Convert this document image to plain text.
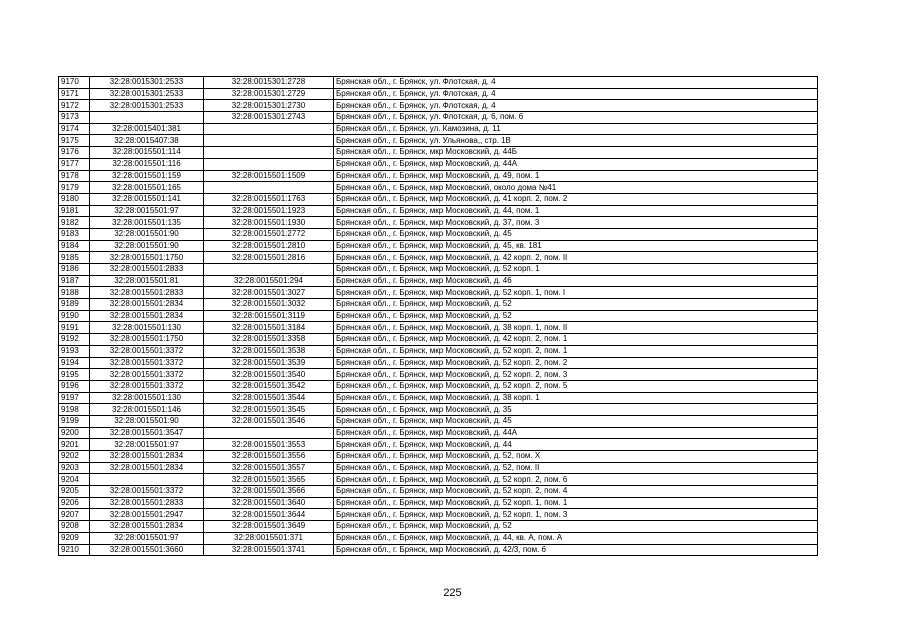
9170	32:28:0015301:2533	32:28:0015301:2728	Брянская обл., г. Брянск, ул. Флотская, д. 4
9171	32:28:0015301:2533	32:28:0015301:2729	Брянская обл., г. Брянск, ул. Флотская, д. 4
9172	32:28:0015301:2533	32:28:0015301:2730	Брянская обл., г. Брянск, ул. Флотская, д. 4
9173		32:28:0015301:2743	Брянская обл., г. Брянск, ул. Флотская, д. 6, пом. 6
9174	32:28:0015401:381		Брянская обл., г. Брянск, ул. Камозина, д. 11
9175	32:28:0015407:38		Брянская обл., г. Брянск, ул. Ульянова,, стр. 1В
9176	32:28:0015501:114		Брянская обл., г. Брянск, мкр Московский, д. 44Б
9177	32:28:0015501:116		Брянская обл., г. Брянск, мкр Московский, д. 44А
9178	32:28:0015501:159	32:28:0015501:1509	Брянская обл., г. Брянск, мкр Московский, д. 49, пом. 1
9179	32:28:0015501:165		Брянская обл., г. Брянск, мкр Московский, около дома №41
9180	32:28:0015501:141	32:28:0015501:1763	Брянская обл., г. Брянск, мкр Московский, д. 41 корп. 2, пом. 2
9181	32:28:0015501:97	32:28:0015501:1923	Брянская обл., г. Брянск, мкр Московский, д. 44, пом. 1
9182	32:28:0015501:135	32:28:0015501:1930	Брянская обл., г. Брянск, мкр Московский, д. 37, пом. 3
9183	32:28:0015501:90	32:28:0015501:2772	Брянская обл., г. Брянск, мкр Московский, д. 45
9184	32:28:0015501:90	32:28:0015501:2810	Брянская обл., г. Брянск, мкр Московский, д. 45, кв. 181
9185	32:28:0015501:1750	32:28:0015501:2816	Брянская обл., г. Брянск, мкр Московский, д. 42 корп. 2, пом. II
9186	32:28:0015501:2833		Брянская обл., г. Брянск, мкр Московский, д. 52 корп. 1
9187	32:28:0015501:81	32:28:0015501:294	Брянская обл., г. Брянск, мкр Московский, д. 46
9188	32:28:0015501:2833	32:28:0015501:3027	Брянская обл., г. Брянск, мкр Московский, д. 52 корп. 1, пом. I
9189	32:28:0015501:2834	32:28:0015501:3032	Брянская обл., г. Брянск, мкр Московский, д. 52
9190	32:28:0015501:2834	32:28:0015501:3119	Брянская обл., г. Брянск, мкр Московский, д. 52
9191	32:28:0015501:130	32:28:0015501:3184	Брянская обл., г. Брянск, мкр Московский, д. 38 корп. 1, пом. II
9192	32:28:0015501:1750	32:28:0015501:3358	Брянская обл., г. Брянск, мкр Московский, д. 42 корп. 2, пом. 1
9193	32:28:0015501:3372	32:28:0015501:3538	Брянская обл., г. Брянск, мкр Московский, д. 52 корп. 2, пом. 1
9194	32:28:0015501:3372	32:28:0015501:3539	Брянская обл., г. Брянск, мкр Московский, д. 52 корп. 2, пом. 2
9195	32:28:0015501:3372	32:28:0015501:3540	Брянская обл., г. Брянск, мкр Московский, д. 52 корп. 2, пом. 3
9196	32:28:0015501:3372	32:28:0015501:3542	Брянская обл., г. Брянск, мкр Московский, д. 52 корп. 2, пом. 5
9197	32:28:0015501:130	32:28:0015501:3544	Брянская обл., г. Брянск, мкр Московский, д. 38 корп. 1
9198	32:28:0015501:146	32:28:0015501:3545	Брянская обл., г. Брянск, мкр Московский, д. 35
9199	32:28:0015501:90	32:28:0015501:3546	Брянская обл., г. Брянск, мкр Московский, д. 45
9200	32:28:0015501:3547		Брянская обл., г. Брянск, мкр Московский, д. 44А
9201	32:28:0015501:97	32:28:0015501:3553	Брянская обл., г. Брянск, мкр Московский, д. 44
9202	32:28:0015501:2834	32:28:0015501:3556	Брянская обл., г. Брянск, мкр Московский, д. 52, пом. X
9203	32:28:0015501:2834	32:28:0015501:3557	Брянская обл., г. Брянск, мкр Московский, д. 52, пом. II
9204		32:28:0015501:3565	Брянская обл., г. Брянск, мкр Московский, д. 52 корп. 2, пом. 6
9205	32:28:0015501:3372	32:28:0015501:3566	Брянская обл., г. Брянск, мкр Московский, д. 52 корп. 2, пом. 4
9206	32:28:0015501:2833	32:28:0015501:3640	Брянская обл., г. Брянск, мкр Московский, д. 52 корп. 1, пом. 1
9207	32:28:0015501:2947	32:28:0015501:3644	Брянская обл., г. Брянск, мкр Московский, д. 52 корп. 1, пом. 3
9208	32:28:0015501:2834	32:28:0015501:3649	Брянская обл., г. Брянск, мкр Московский, д. 52
9209	32:28:0015501:97	32:28:0015501:371	Брянская обл., г. Брянск, мкр Московский, д. 44, кв. А, пом. А
9210	32:28:0015501:3660	32:28:0015501:3741	Брянская обл., г. Брянск, мкр Московский, д. 42/3, пом. 6
225
